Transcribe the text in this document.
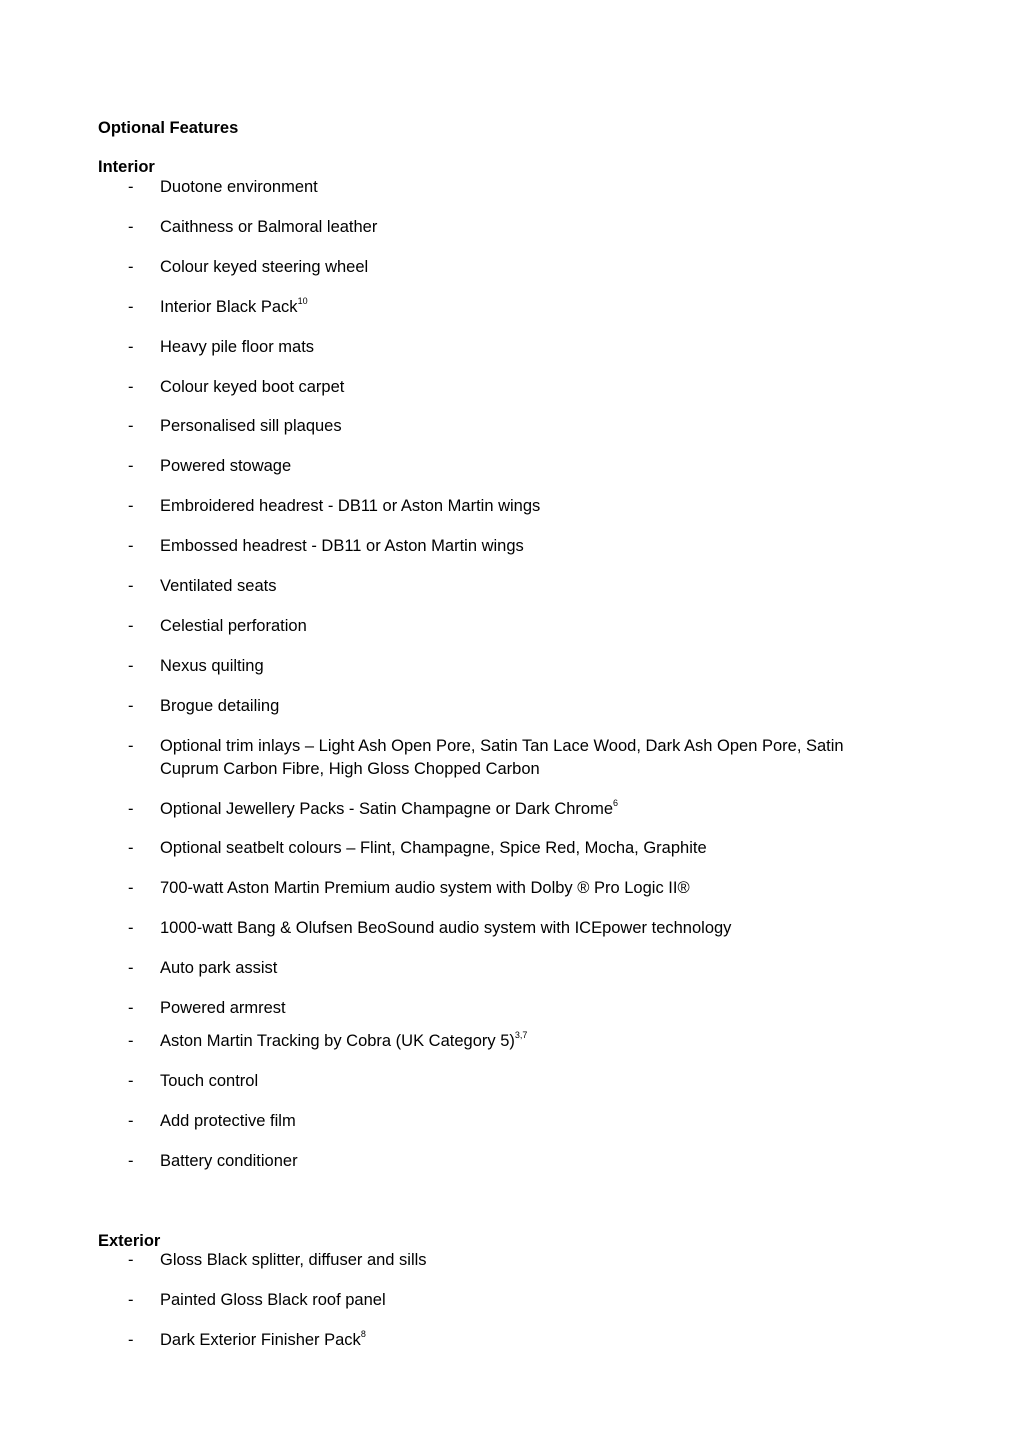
Optional Features
Interior
- Duotone environment
- Caithness or Balmoral leather
- Colour keyed steering wheel
- Interior Black Pack$^{10}$
- Heavy pile floor mats
- Colour keyed boot carpet
- Personalised sill plaques
- Powered stowage
- Embroidered headrest - DB11 or Aston Martin wings
- Embossed headrest - DB11 or Aston Martin wings
- Ventilated seats
- Celestial perforation
- Nexus quilting
- Brogue detailing
- Optional trim inlays – Light Ash Open Pore, Satin Tan Lace Wood, Dark Ash Open Pore, Satin
Cuprum Carbon Fibre, High Gloss Chopped Carbon
- Optional Jewellery Packs - Satin Champagne or Dark Chrome$^6$
- Optional seatbelt colours – Flint, Champagne, Spice Red, Mocha, Graphite
- 700-watt Aston Martin Premium audio system with Dolby ® Pro Logic II®
- 1000-watt Bang & Olufsen BeoSound audio system with ICEpower technology
- Auto park assist
- Powered armrest
- Aston Martin Tracking by Cobra (UK Category 5)$^{3,7}$
- Touch control
- Add protective film
- Battery conditioner
Exterior
- Gloss Black splitter, diffuser and sills
- Painted Gloss Black roof panel
- Dark Exterior Finisher Pack$^8$
